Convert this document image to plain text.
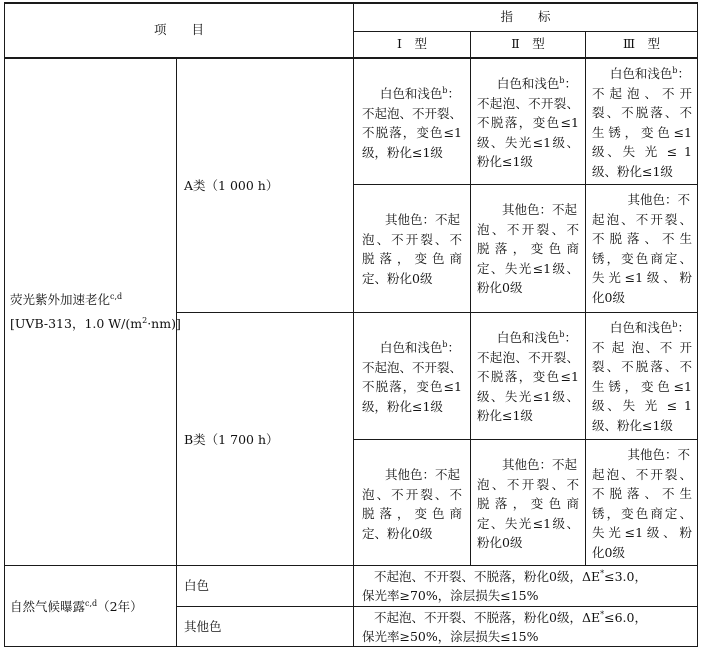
项　　目
指　　标
Ⅰ　型	Ⅱ　型	Ⅲ　型
荧光紫外加速老化$^{c,d}$
[UVB-313，1.0 $W/(m^2\cdot nm)$]
A类（1 000 h）
B类（1 700 h）
白色和浅色$^b$：
不起泡、不开裂、
不脱落，变色≤1
级，粉化≤1级
白色和浅色$^b$：
不起泡、不开裂、
不脱落，变色≤1
级、失光≤1级、
粉化≤1级
白色和浅色$^b$：
不起泡、不开
裂、不脱落、不
生锈，变色≤1
级、失 光 ≤ 1
级、粉化≤1级
其他色：不起
泡、不开裂、不
脱落，变色商
定、粉化0级
其他色：不起
泡、不开裂、不
脱落，变色商
定、失光≤1级、
粉化0级
其他色：不
起泡、不开裂、
不脱落、不生
锈，变色商定、
失光≤1级、粉
化0级
白色和浅色$^b$：
不起泡、不开裂、
不脱落，变色≤1
级，粉化≤1级
白色和浅色$^b$：
不起泡、不开裂、
不脱落，变色≤1
级、失光≤1级、
粉化≤1级
白色和浅色$^b$：
不 起 泡、不 开
裂、不脱落、不
生锈，变色≤1
级、失 光 ≤ 1
级、粉化≤1级
其他色：不起
泡、不开裂、不
脱落，变色商
定、粉化0级
其他色：不起
泡、不开裂、不
脱落，变色商
定、失光≤1级、
粉化0级
其他色：不
起泡、不开裂、
不脱落、不生
锈，变色商定、
失光≤1级、粉
化0级
自然气候曝露$^{c,d}$（2年）
白色
不起泡、不开裂、不脱落，粉化0级，ΔE*≤3.0，
保光率≥70%，涂层损失≤15%
其他色
不起泡、不开裂、不脱落，粉化0级，ΔE*≤6.0，
保光率≥50%，涂层损失≤15%
